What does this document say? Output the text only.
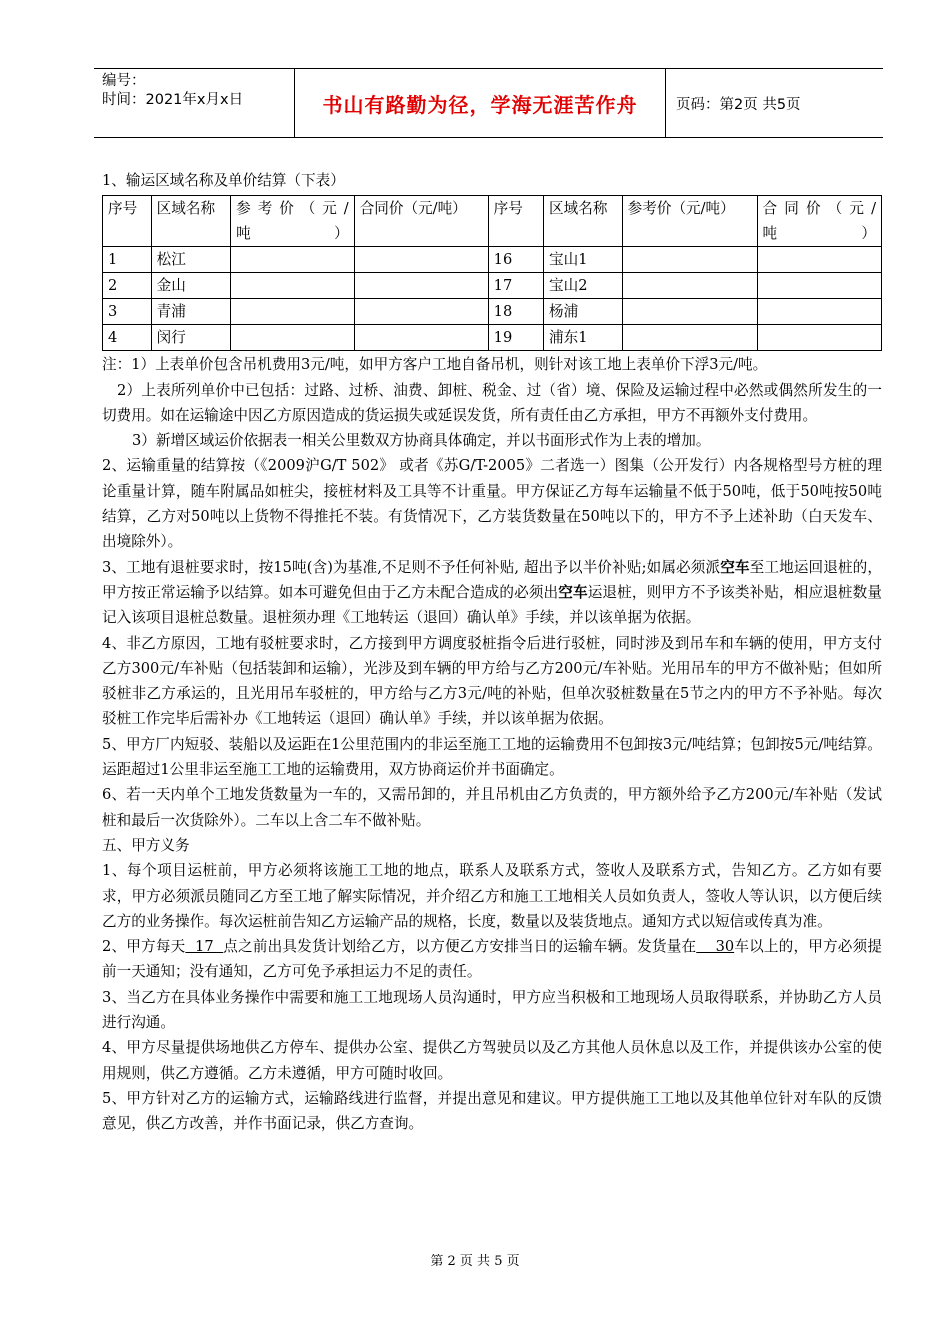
编号：
时间：2021年x月x日	书山有路勤为径，学海无涯苦作舟	页码：第2页 共5页

1、输运区域名称及单价结算（下表）

序号	区域名称	参 考 价 （ 元 / 吨）	合同价（元/吨）	序号	区域名称	参考价（元/吨）	合 同 价 （ 元 / 吨）
1	松江			16	宝山1		
2	金山			17	宝山2		
3	青浦			18	杨浦		
4	闵行			19	浦东1		

注：1）上表单价包含吊机费用3元/吨，如甲方客户工地自备吊机，则针对该工地上表单价下浮3元/吨。

2）上表所列单价中已包括：过路、过桥、油费、卸桩、税金、过（省）境、保险及运输过程中必然或偶然所发生的一切费用。如在运输途中因乙方原因造成的货运损失或延误发货，所有责任由乙方承担，甲方不再额外支付费用。

3）新增区域运价依据表一相关公里数双方协商具体确定，并以书面形式作为上表的增加。

2、运输重量的结算按（《2009沪G/T 502》 或者《苏G/T-2005》二者选一）图集（公开发行）内各规格型号方桩的理论重量计算，随车附属品如桩尖，接桩材料及工具等不计重量。甲方保证乙方每车运输量不低于50吨，低于50吨按50吨结算，乙方对50吨以上货物不得推托不装。有货情况下，乙方装货数量在50吨以下的，甲方不予上述补助（白天发车、出境除外）。

3、工地有退桩要求时，按15吨(含)为基准,不足则不予任何补贴, 超出予以半价补贴;如属必须派空车至工地运回退桩的，甲方按正常运输予以结算。如本可避免但由于乙方未配合造成的必须出空车运退桩，则甲方不予该类补贴，相应退桩数量记入该项目退桩总数量。退桩须办理《工地转运（退回）确认单》手续，并以该单据为依据。

4、非乙方原因，工地有驳桩要求时，乙方接到甲方调度驳桩指令后进行驳桩，同时涉及到吊车和车辆的使用，甲方支付乙方300元/车补贴（包括装卸和运输），光涉及到车辆的甲方给与乙方200元/车补贴。光用吊车的甲方不做补贴；但如所驳桩非乙方承运的，且光用吊车驳桩的，甲方给与乙方3元/吨的补贴，但单次驳桩数量在5节之内的甲方不予补贴。每次驳桩工作完毕后需补办《工地转运（退回）确认单》手续，并以该单据为依据。

5、甲方厂内短驳、装船以及运距在1公里范围内的非运至施工工地的运输费用不包卸按3元/吨结算；包卸按5元/吨结算。运距超过1公里非运至施工工地的运输费用，双方协商运价并书面确定。

6、若一天内单个工地发货数量为一车的，又需吊卸的，并且吊机由乙方负责的，甲方额外给予乙方200元/车补贴（发试桩和最后一次货除外）。二车以上含二车不做补贴。

五、甲方义务

1、每个项目运桩前，甲方必须将该施工工地的地点，联系人及联系方式，签收人及联系方式，告知乙方。乙方如有要求，甲方必须派员随同乙方至工地了解实际情况，并介绍乙方和施工工地相关人员如负责人，签收人等认识，以方便后续乙方的业务操作。每次运桩前告知乙方运输产品的规格，长度，数量以及装货地点。通知方式以短信或传真为准。

2、甲方每天  17  点之前出具发货计划给乙方，以方便乙方安排当日的运输车辆。发货量在    30车以上的，甲方必须提前一天通知；没有通知，乙方可免予承担运力不足的责任。

3、当乙方在具体业务操作中需要和施工工地现场人员沟通时，甲方应当积极和工地现场人员取得联系，并协助乙方人员进行沟通。

4、甲方尽量提供场地供乙方停车、提供办公室、提供乙方驾驶员以及乙方其他人员休息以及工作，并提供该办公室的使用规则，供乙方遵循。乙方未遵循，甲方可随时收回。

5、甲方针对乙方的运输方式，运输路线进行监督，并提出意见和建议。甲方提供施工工地以及其他单位针对车队的反馈意见，供乙方改善，并作书面记录，供乙方查询。

第 2 页 共 5 页
